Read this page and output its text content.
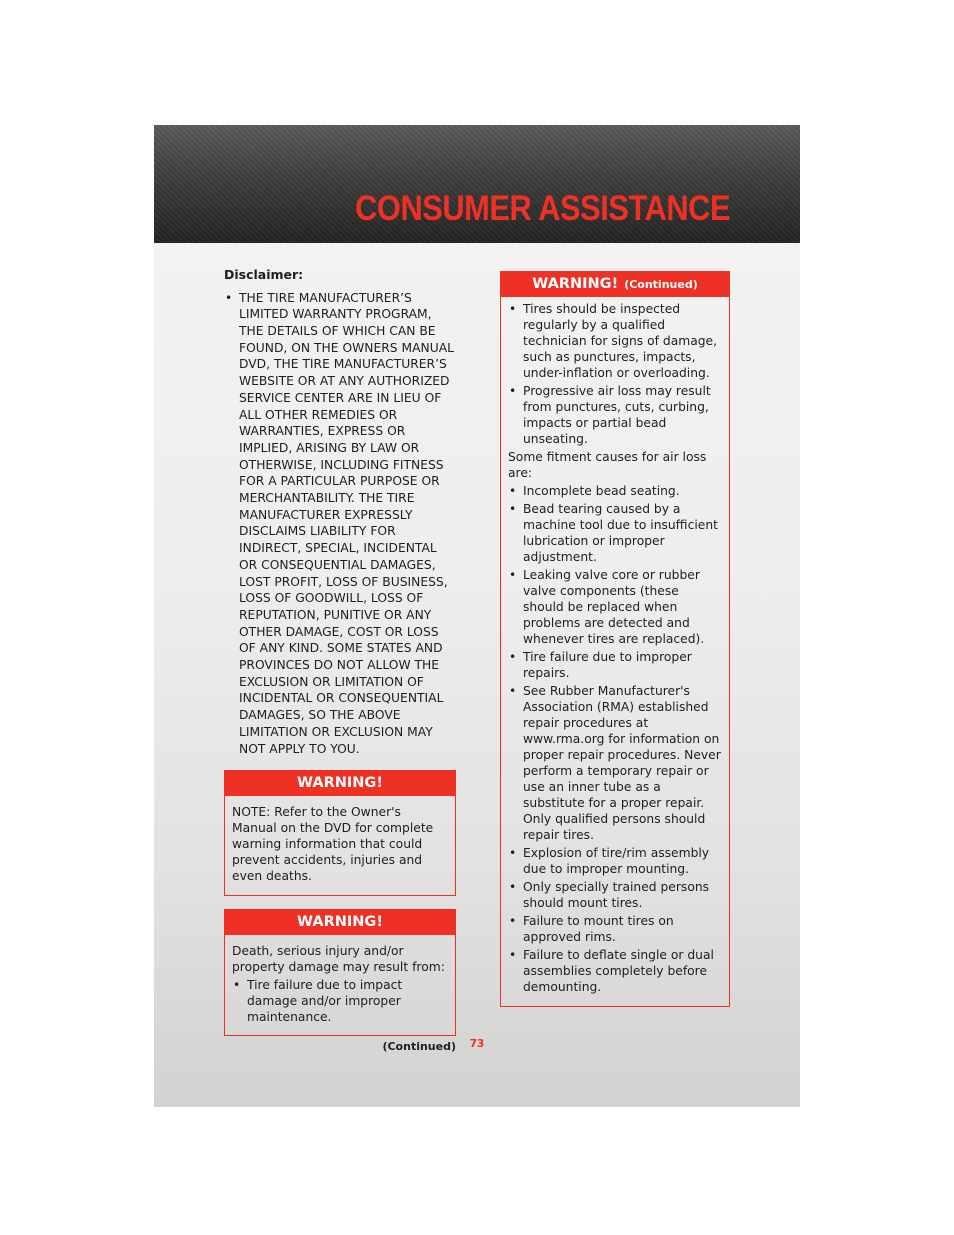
CONSUMER ASSISTANCE
Disclaimer:
• THE TIRE MANUFACTURER’S LIMITED WARRANTY PROGRAM, THE DETAILS OF WHICH CAN BE FOUND, ON THE OWNERS MANUAL DVD, THE TIRE MANUFACTURER’S WEBSITE OR AT ANY AUTHORIZED SERVICE CENTER ARE IN LIEU OF ALL OTHER REMEDIES OR WARRANTIES, EXPRESS OR IMPLIED, ARISING BY LAW OR OTHERWISE, INCLUDING FITNESS FOR A PARTICULAR PURPOSE OR MERCHANTABILITY. THE TIRE MANUFACTURER EXPRESSLY DISCLAIMS LIABILITY FOR INDIRECT, SPECIAL, INCIDENTAL OR CONSEQUENTIAL DAMAGES, LOST PROFIT, LOSS OF BUSINESS, LOSS OF GOODWILL, LOSS OF REPUTATION, PUNITIVE OR ANY OTHER DAMAGE, COST OR LOSS OF ANY KIND. SOME STATES AND PROVINCES DO NOT ALLOW THE EXCLUSION OR LIMITATION OF INCIDENTAL OR CONSEQUENTIAL DAMAGES, SO THE ABOVE LIMITATION OR EXCLUSION MAY NOT APPLY TO YOU.
WARNING!

NOTE: Refer to the Owner's Manual on the DVD for complete warning information that could prevent accidents, injuries and even deaths.

WARNING!

Death, serious injury and/or property damage may result from:

• Tire failure due to impact damage and/or improper maintenance.
(Continued)
WARNING! (Continued)
• Tires should be inspected regularly by a qualified technician for signs of damage, such as punctures, impacts, under-inflation or overloading.
• Progressive air loss may result from punctures, cuts, curbing, impacts or partial bead unseating.

Some fitment causes for air loss are:

• Incomplete bead seating.
• Bead tearing caused by a machine tool due to insufficient lubrication or improper adjustment.
• Leaking valve core or rubber valve components (these should be replaced when problems are detected and whenever tires are replaced).
• Tire failure due to improper repairs.
• See Rubber Manufacturer's Association (RMA) established repair procedures at www.rma.org for information on proper repair procedures. Never perform a temporary repair or use an inner tube as a substitute for a proper repair. Only qualified persons should repair tires.
• Explosion of tire/rim assembly due to improper mounting.
• Only specially trained persons should mount tires.
• Failure to mount tires on approved rims.
• Failure to deflate single or dual assemblies completely before demounting.
73
